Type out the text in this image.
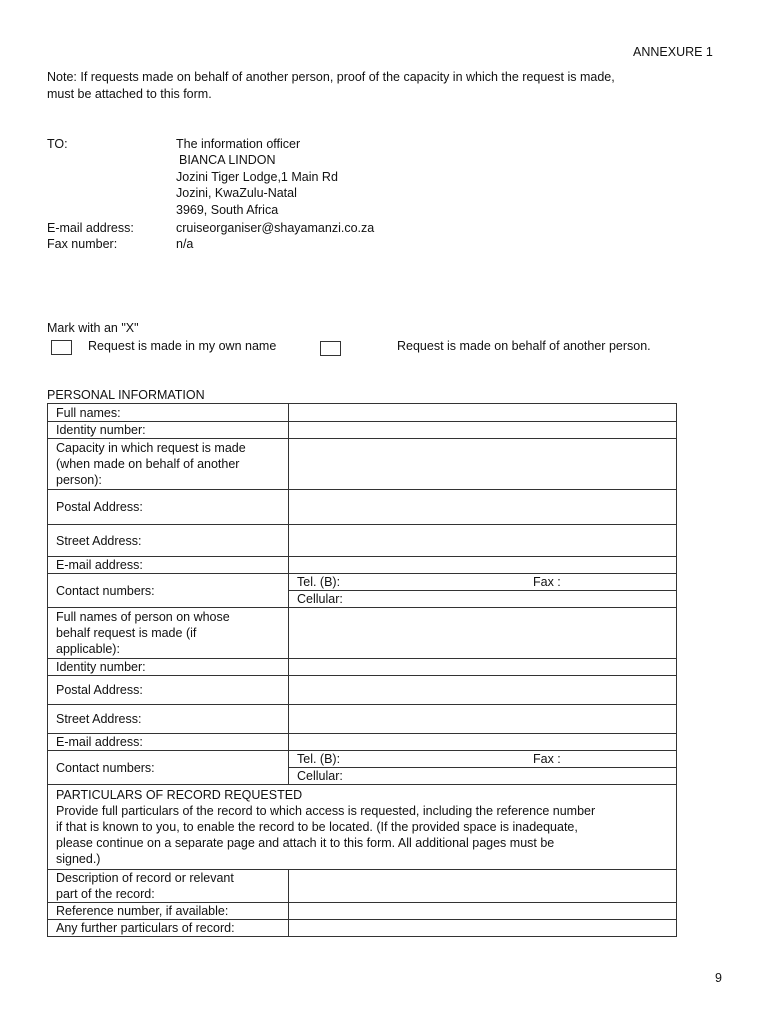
ANNEXURE 1
Note: If requests made on behalf of another person, proof of the capacity in which the request is made,
must be attached to this form.
TO:	The information officer
BIANCA LINDON
Jozini Tiger Lodge,1 Main Rd
Jozini, KwaZulu-Natal
3969, South Africa
E-mail address:	cruiseorganiser@shayamanzi.co.za
Fax number:	n/a
Mark with an "X"
Request is made in my own name	Request is made on behalf of another person.
PERSONAL INFORMATION
Full names:	
Identity number:	

Capacity in which request is made
(when made on behalf of another
person):	

Postal Address:	
Street Address:	
E-mail address:	
Contact numbers:	Tel. (B): Fax :

	Cellular:

Full names of person on whose
behalf request is made (if
applicable):	

Identity number:	
Postal Address:	
Street Address:	
E-mail address:	
Contact numbers:	Tel. (B): Fax :

	Cellular:

PARTICULARS OF RECORD REQUESTED
Provide full particulars of the record to which access is requested, including the reference number
if that is known to you, to enable the record to be located. (If the provided space is inadequate,
please continue on a separate page and attach it to this form. All additional pages must be
signed.)	

Description of record or relevant
part of the record:	

Reference number, if available:	
Any further particulars of record:	
9
